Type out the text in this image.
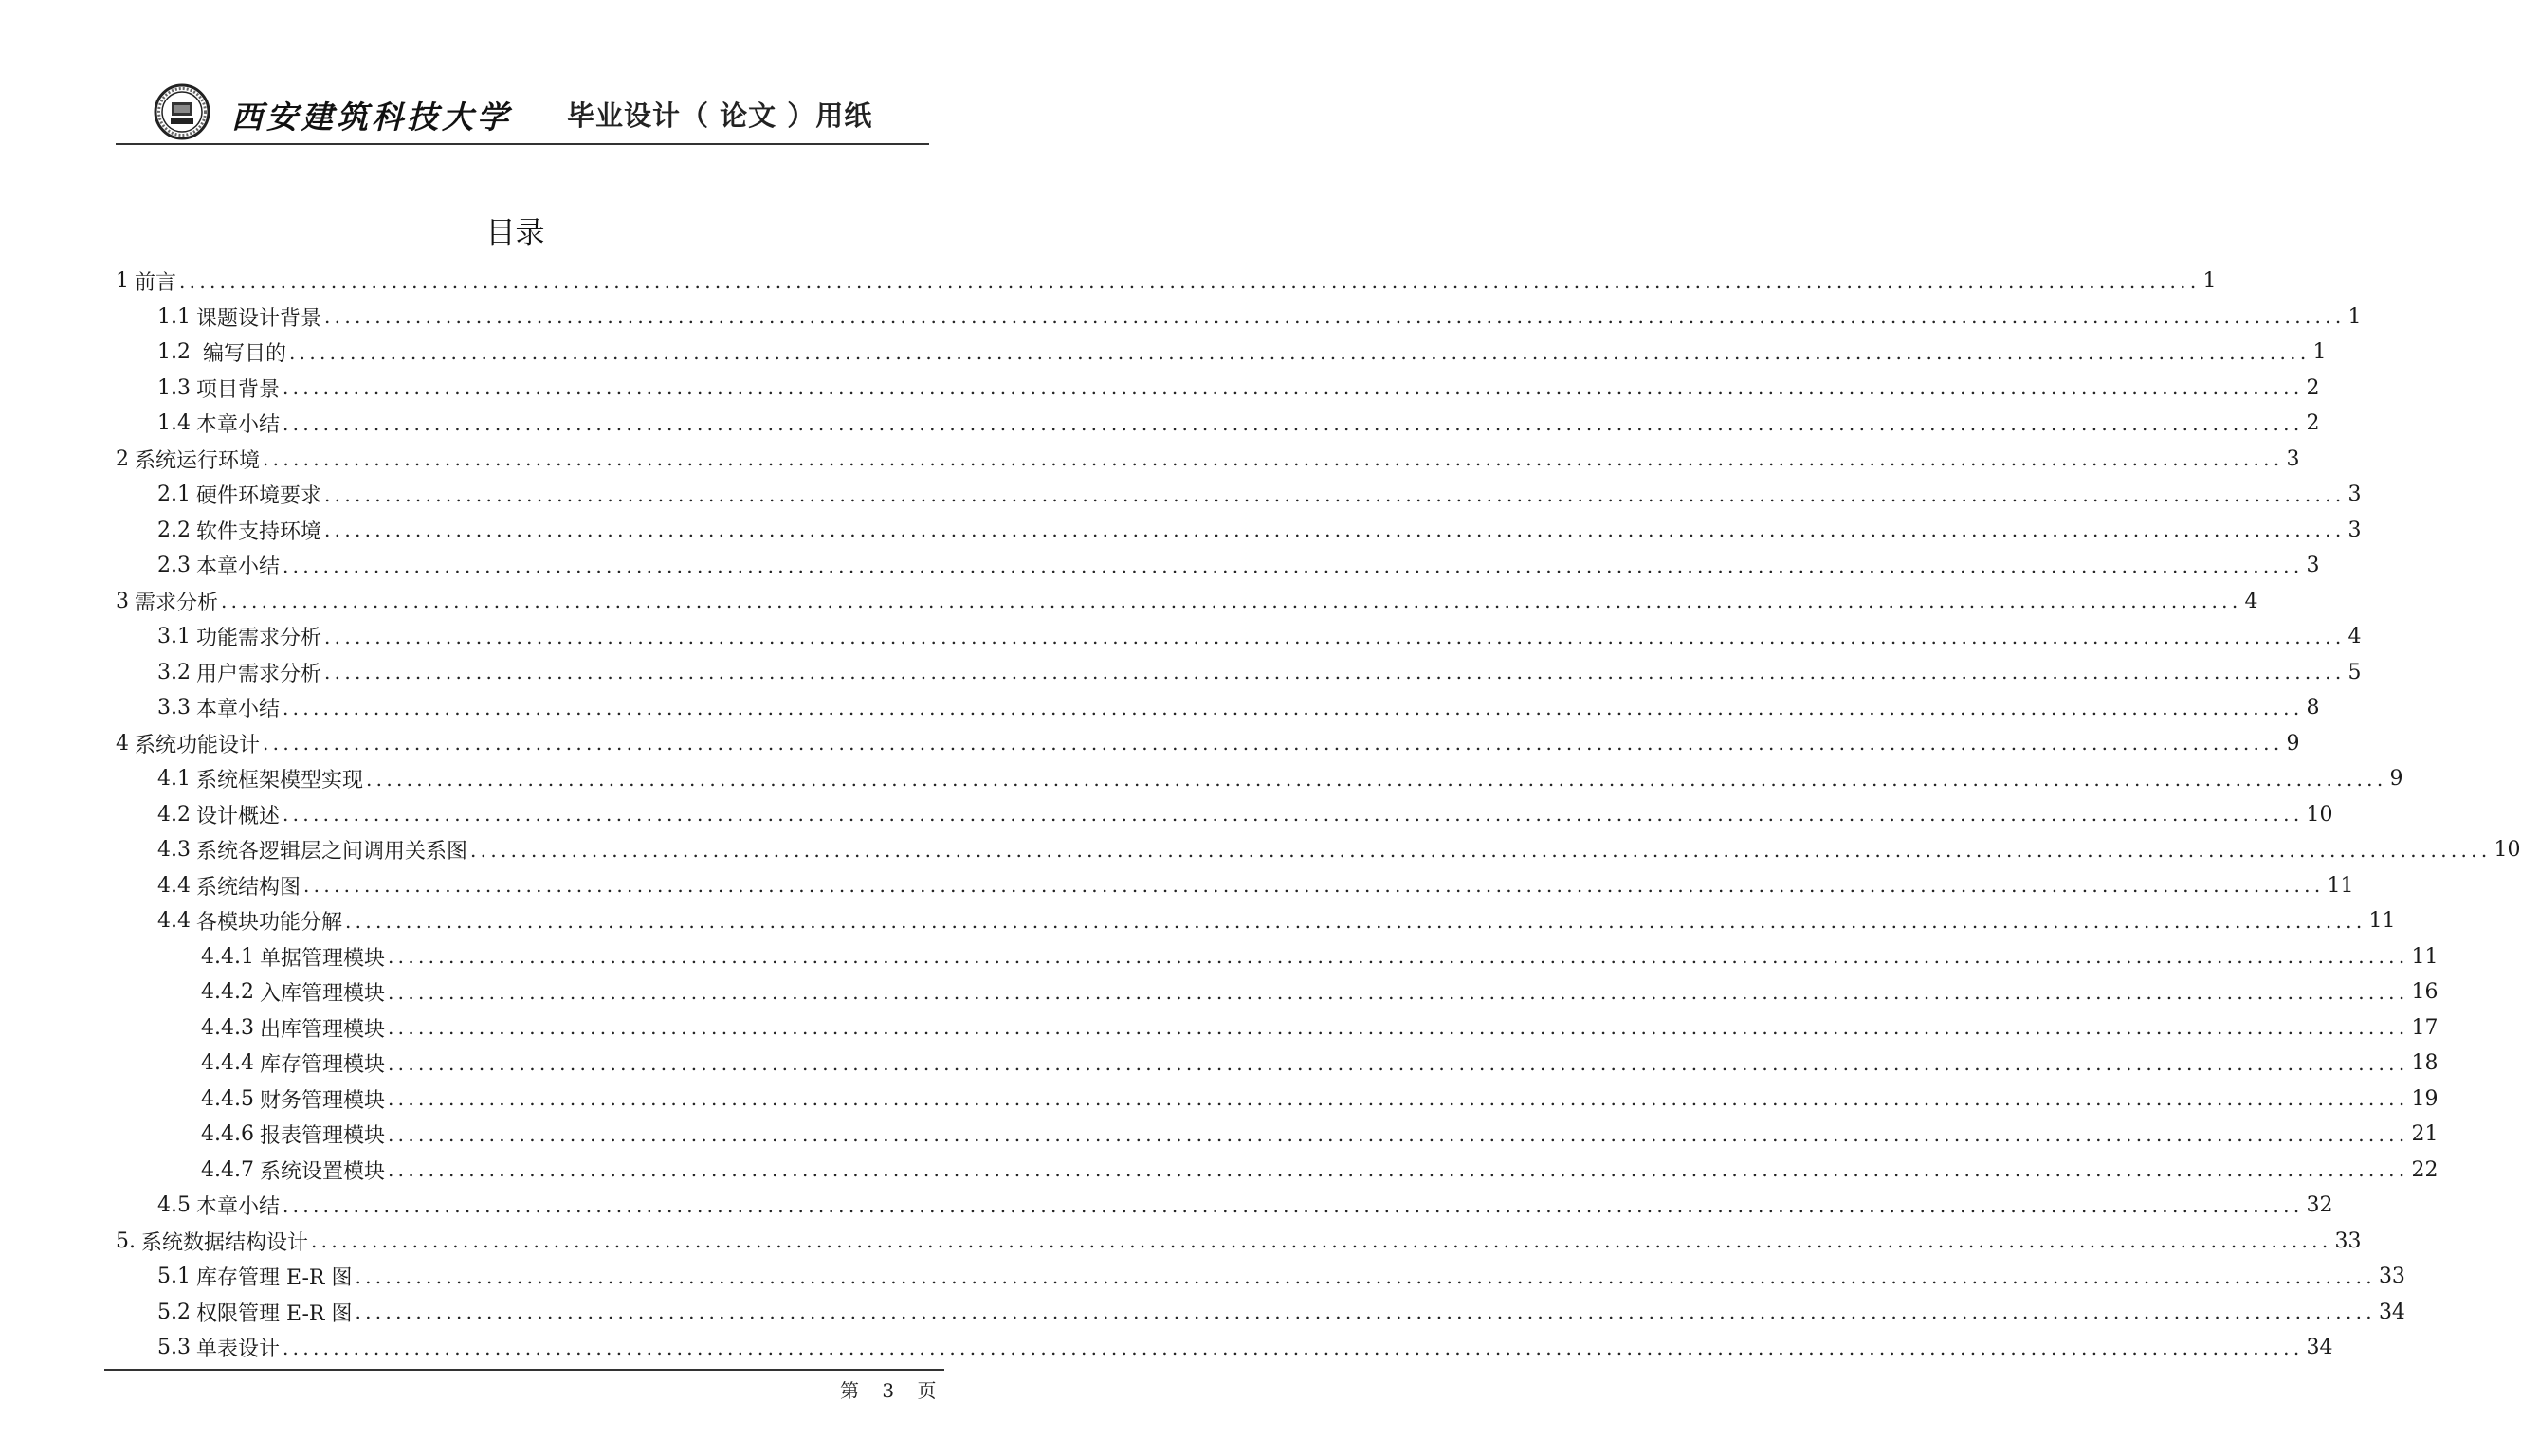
西安建筑科技大学 毕业设计（ 论文 ）用纸
目录
1 前言 ........................................................................................................................................................................................................ 1
1.1 课题设计背景 ........................................................................................................................................................................................................ 1
1.2 编写目的 ........................................................................................................................................................................................................ 1
1.3 项目背景 ........................................................................................................................................................................................................ 2
1.4 本章小结 ........................................................................................................................................................................................................ 2
2 系统运行环境 ........................................................................................................................................................................................................ 3
2.1 硬件环境要求 ........................................................................................................................................................................................................ 3
2.2 软件支持环境 ........................................................................................................................................................................................................ 3
2.3 本章小结 ........................................................................................................................................................................................................ 3
3 需求分析 ........................................................................................................................................................................................................ 4
3.1 功能需求分析 ........................................................................................................................................................................................................ 4
3.2 用户需求分析 ........................................................................................................................................................................................................ 5
3.3 本章小结 ........................................................................................................................................................................................................ 8
4 系统功能设计 ........................................................................................................................................................................................................ 9
4.1 系统框架模型实现 ........................................................................................................................................................................................................ 9
4.2 设计概述 ........................................................................................................................................................................................................ 10
4.3 系统各逻辑层之间调用关系图 ........................................................................................................................................................................................................ 10
4.4 系统结构图 ........................................................................................................................................................................................................ 11
4.4 各模块功能分解 ........................................................................................................................................................................................................ 11
4.4.1 单据管理模块 ........................................................................................................................................................................................................ 11
4.4.2 入库管理模块 ........................................................................................................................................................................................................ 16
4.4.3 出库管理模块 ........................................................................................................................................................................................................ 17
4.4.4 库存管理模块 ........................................................................................................................................................................................................ 18
4.4.5 财务管理模块 ........................................................................................................................................................................................................ 19
4.4.6 报表管理模块 ........................................................................................................................................................................................................ 21
4.4.7 系统设置模块 ........................................................................................................................................................................................................ 22
4.5 本章小结 ........................................................................................................................................................................................................ 32
5. 系统数据结构设计 ........................................................................................................................................................................................................ 33
5.1 库存管理 E-R 图 ........................................................................................................................................................................................................ 33
5.2 权限管理 E-R 图 ........................................................................................................................................................................................................ 34
5.3 单表设计 ........................................................................................................................................................................................................ 34
第 3 页
